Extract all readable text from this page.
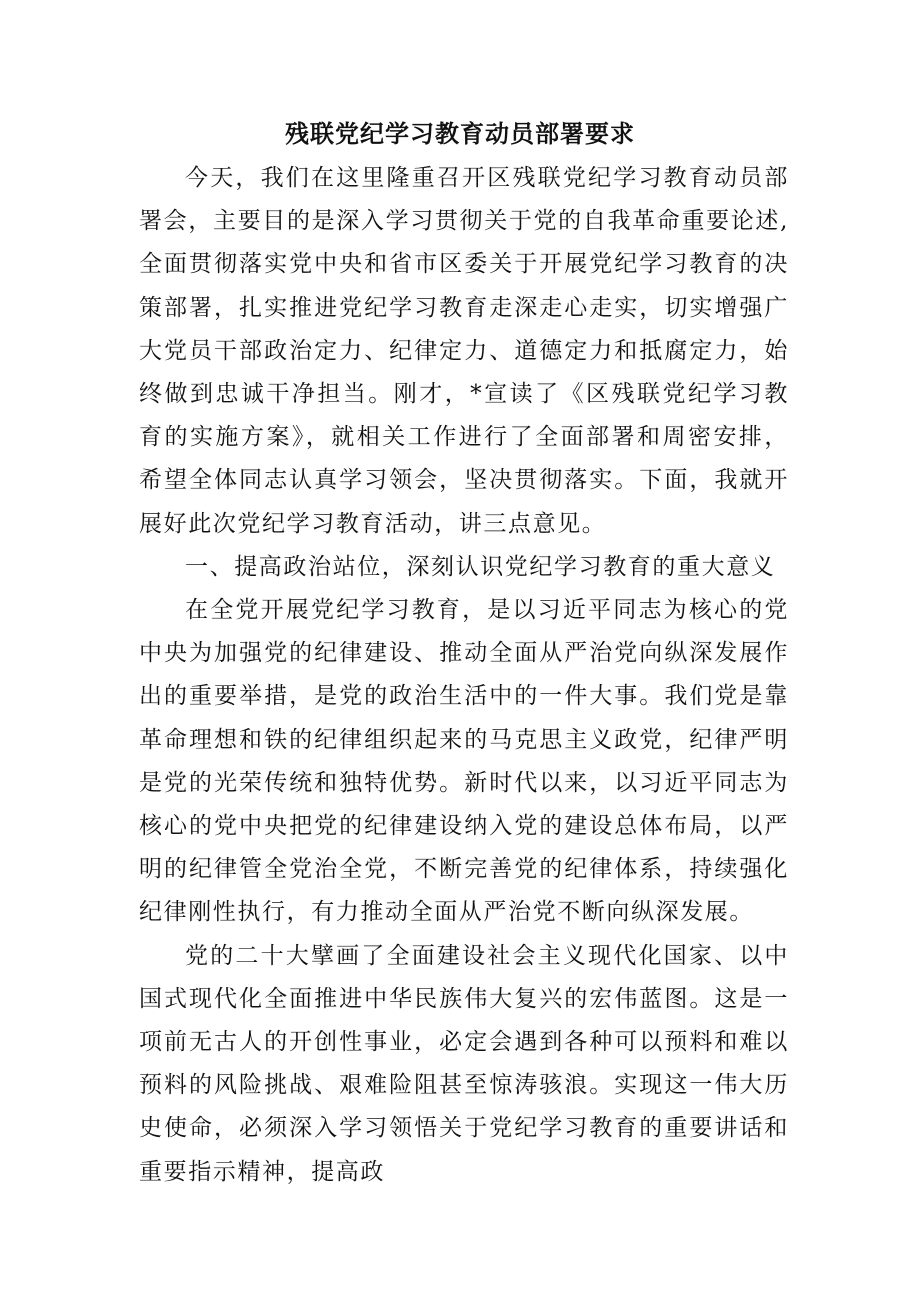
残联党纪学习教育动员部署要求

今天，我们在这里隆重召开区残联党纪学习教育动员部署会，主要目的是深入学习贯彻关于党的自我革命重要论述,全面贯彻落实党中央和省市区委关于开展党纪学习教育的决策部署，扎实推进党纪学习教育走深走心走实，切实增强广大党员干部政治定力、纪律定力、道德定力和抵腐定力，始终做到忠诚干净担当。刚才，*宣读了《区残联党纪学习教育的实施方案》，就相关工作进行了全面部署和周密安排，希望全体同志认真学习领会，坚决贯彻落实。下面，我就开展好此次党纪学习教育活动，讲三点意见。

一、提高政治站位，深刻认识党纪学习教育的重大意义

在全党开展党纪学习教育，是以习近平同志为核心的党中央为加强党的纪律建设、推动全面从严治党向纵深发展作出的重要举措，是党的政治生活中的一件大事。我们党是靠革命理想和铁的纪律组织起来的马克思主义政党，纪律严明是党的光荣传统和独特优势。新时代以来，以习近平同志为核心的党中央把党的纪律建设纳入党的建设总体布局，以严明的纪律管全党治全党，不断完善党的纪律体系，持续强化纪律刚性执行，有力推动全面从严治党不断向纵深发展。

党的二十大擘画了全面建设社会主义现代化国家、以中国式现代化全面推进中华民族伟大复兴的宏伟蓝图。这是一项前无古人的开创性事业，必定会遇到各种可以预料和难以预料的风险挑战、艰难险阻甚至惊涛骇浪。实现这一伟大历史使命，必须深入学习领悟关于党纪学习教育的重要讲话和重要指示精神，提高政
